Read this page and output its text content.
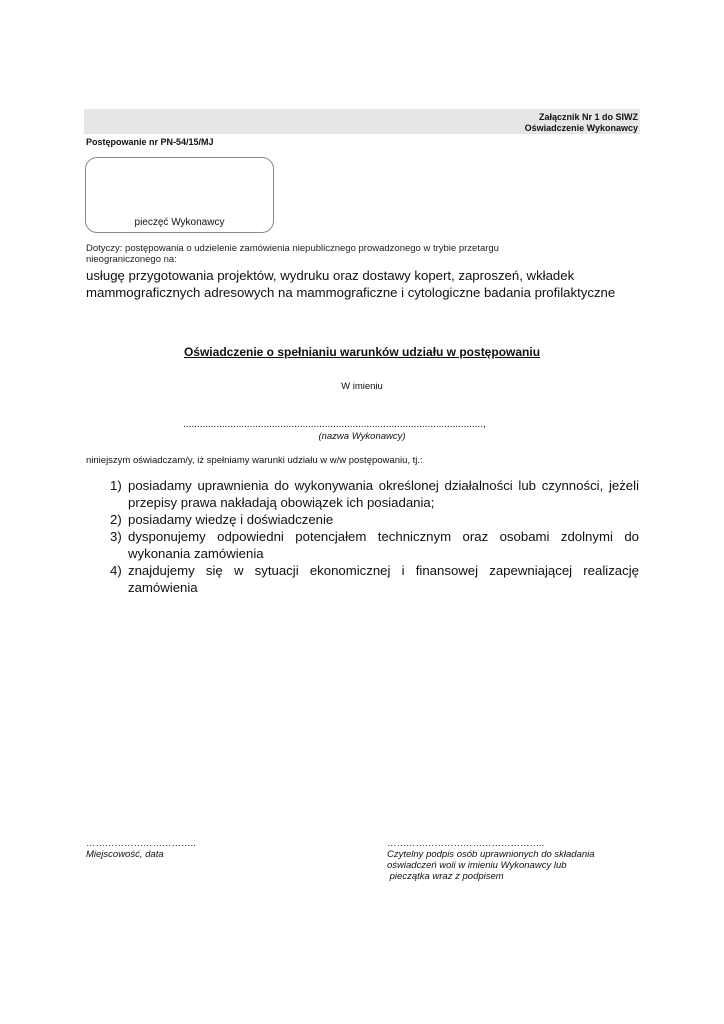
Załącznik Nr 1 do SIWZ
Oświadczenie Wykonawcy
Postępowanie nr PN-54/15/MJ
pieczęć Wykonawcy
Dotyczy: postępowania o udzielenie zamówienia niepublicznego prowadzonego w trybie przetargu
nieograniczonego na:
usługę przygotowania projektów, wydruku oraz dostawy kopert, zaproszeń, wkładek
mammograficznych adresowych na mammograficzne i cytologiczne badania profilaktyczne
Oświadczenie o spełnianiu warunków udziału w postępowaniu
W imieniu
............................................................................................................,
(nazwa Wykonawcy)
niniejszym oświadczam/y, iż spełniamy warunki udziału w w/w postępowaniu, tj.:
1) posiadamy uprawnienia do wykonywania określonej działalności lub czynności, jeżeli przepisy prawa nakładają obowiązek ich posiadania;
2) posiadamy wiedzę i doświadczenie
3) dysponujemy odpowiedni potencjałem technicznym oraz osobami zdolnymi do wykonania zamówienia
4) znajdujemy się w sytuacji ekonomicznej i finansowej zapewniającej realizację zamówienia
……………………………..
Miejscowość, data
…………………………………………..
Czytelny podpis osób uprawnionych do składania
oświadczeń woli w imieniu Wykonawcy lub
pieczątka wraz z podpisem
